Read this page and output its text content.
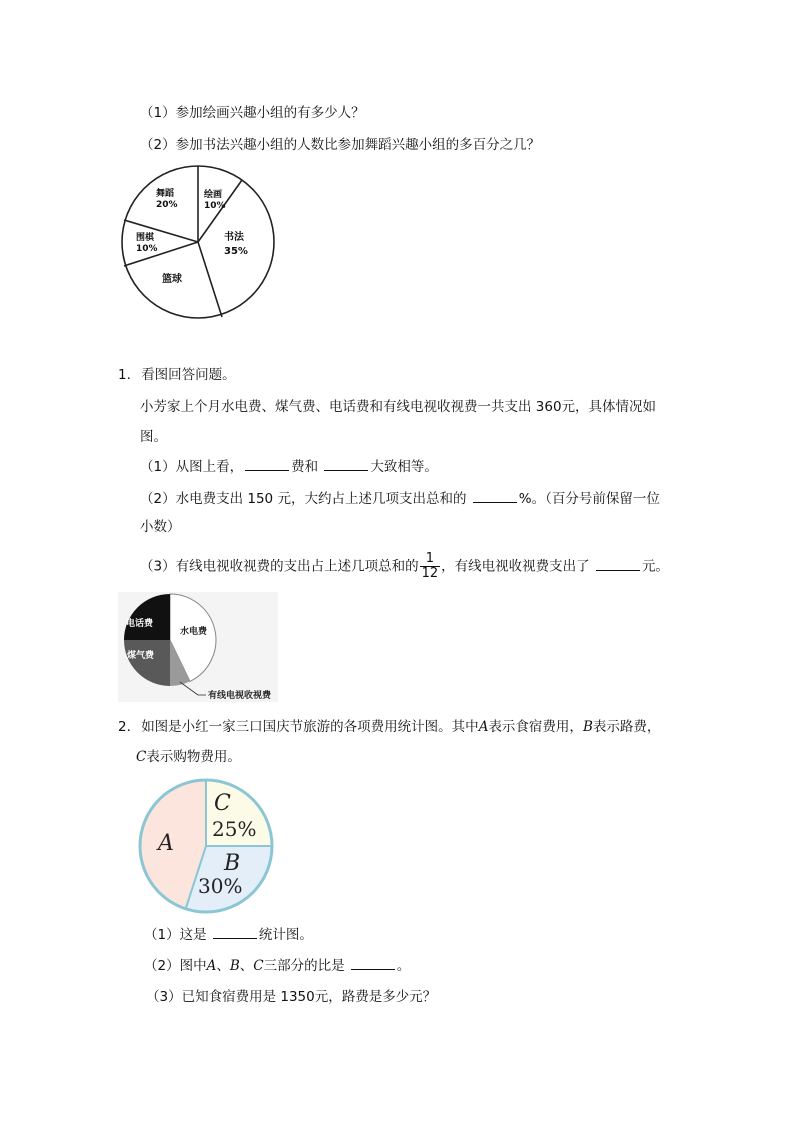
（1）参加绘画兴趣小组的有多少人？
（2）参加书法兴趣小组的人数比参加舞蹈兴趣小组的多百分之几？
绘画
10%
书法
35%
篮球
围棋
10%
舞蹈
20%
1. 看图回答问题。
小芳家上个月水电费、煤气费、电话费和有线电视收视费一共支出 360元，具体情况如
图。
（1）从图上看，	费和	大致相等。
（2）水电费支出 150 元，大约占上述几项支出总和的	%。（百分号前保留一位
小数）
（3）有线电视收视费的支出占上述几项总和的 $\frac{1}{12}$ ，有线电视收视费支出了	元。
电话费
煤气费
水电费
有线电视收视费
2. 如图是小红一家三口国庆节旅游的各项费用统计图。其中A表示食宿费用，B表示路费，
C表示购物费用。
A
C
25%
B
30%
（1）这是	统计图。
（2）图中A、B、C三部分的比是	。
（3）已知食宿费用是 1350元，路费是多少元？
